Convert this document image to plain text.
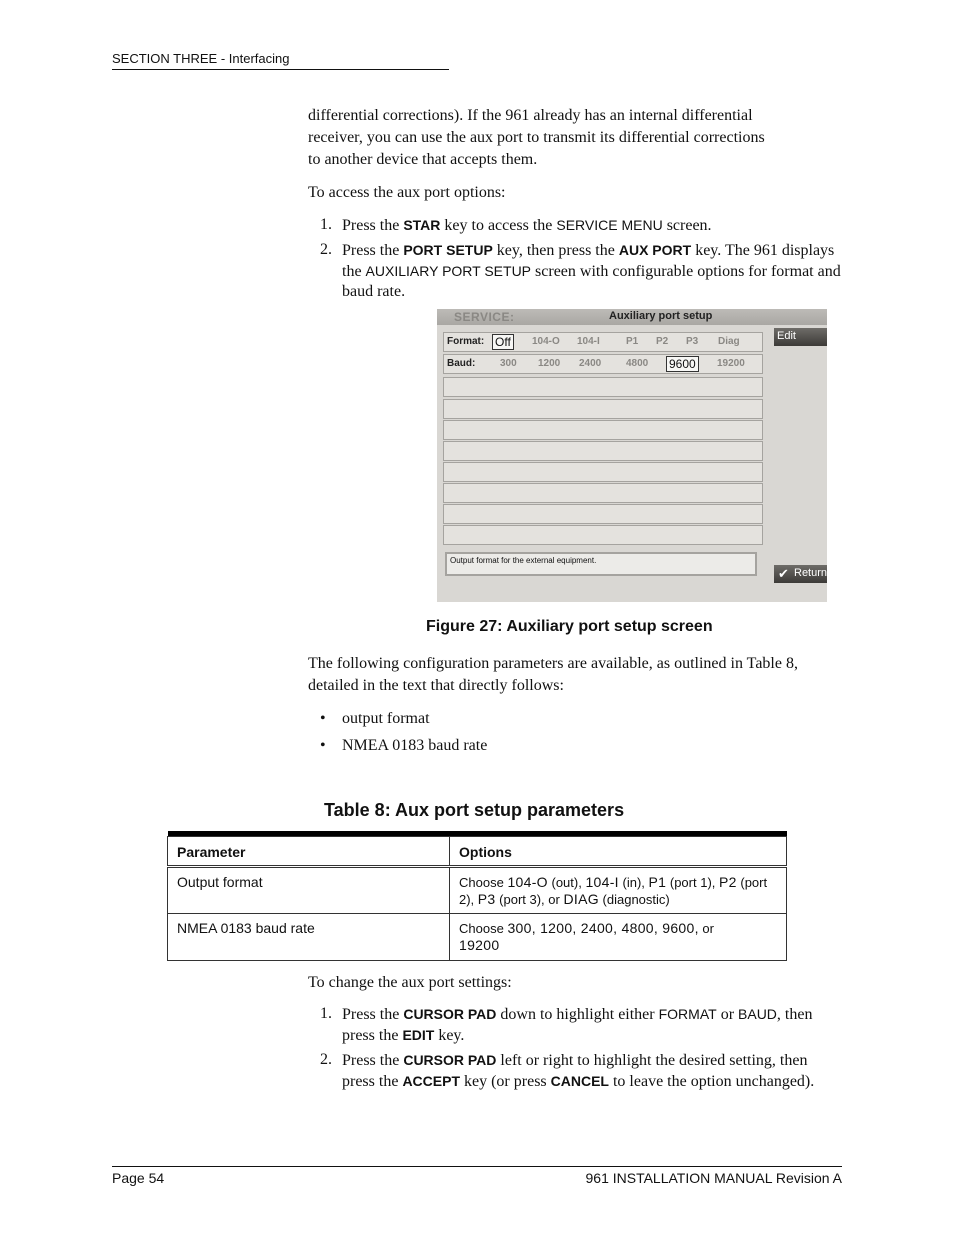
SECTION THREE - Interfacing

differential corrections). If the 961 already has an internal differential

receiver, you can use the aux port to transmit its differential corrections

to another device that accepts them.

To access the aux port options:
1. Press the STAR key to access the SERVICE MENU screen.
2. Press the PORT SETUP key, then press the AUX PORT key. The 961 displays the AUXILIARY PORT SETUP screen with configurable options for format and baud rate.
SERVICE:	Auxiliary port setup
Format: Off	104-O 104-I	P1 P2 P3 Diag
Baud: 300 1200 2400 4800 9600	19200
Edit
Output format for the external equipment.
✔ Return
Figure 27: Auxiliary port setup screen
The following configuration parameters are available, as outlined in Table 8, detailed in the text that directly follows:
• output format
• NMEA 0183 baud rate
Table 8: Aux port setup parameters

Parameter	Options
Output format	Choose 104-O (out), 104-I (in), P1 (port 1), P2 (port 2), P3 (port 3), or DIAG (diagnostic)
NMEA 0183 baud rate	Choose 300, 1200, 2400, 4800, 9600, or
19200
To change the aux port settings:
1. Press the CURSOR PAD down to highlight either FORMAT or BAUD, then press the EDIT key.
2. Press the CURSOR PAD left or right to highlight the desired setting, then press the ACCEPT key (or press CANCEL to leave the option unchanged).
Page 54	961 INSTALLATION MANUAL Revision A
